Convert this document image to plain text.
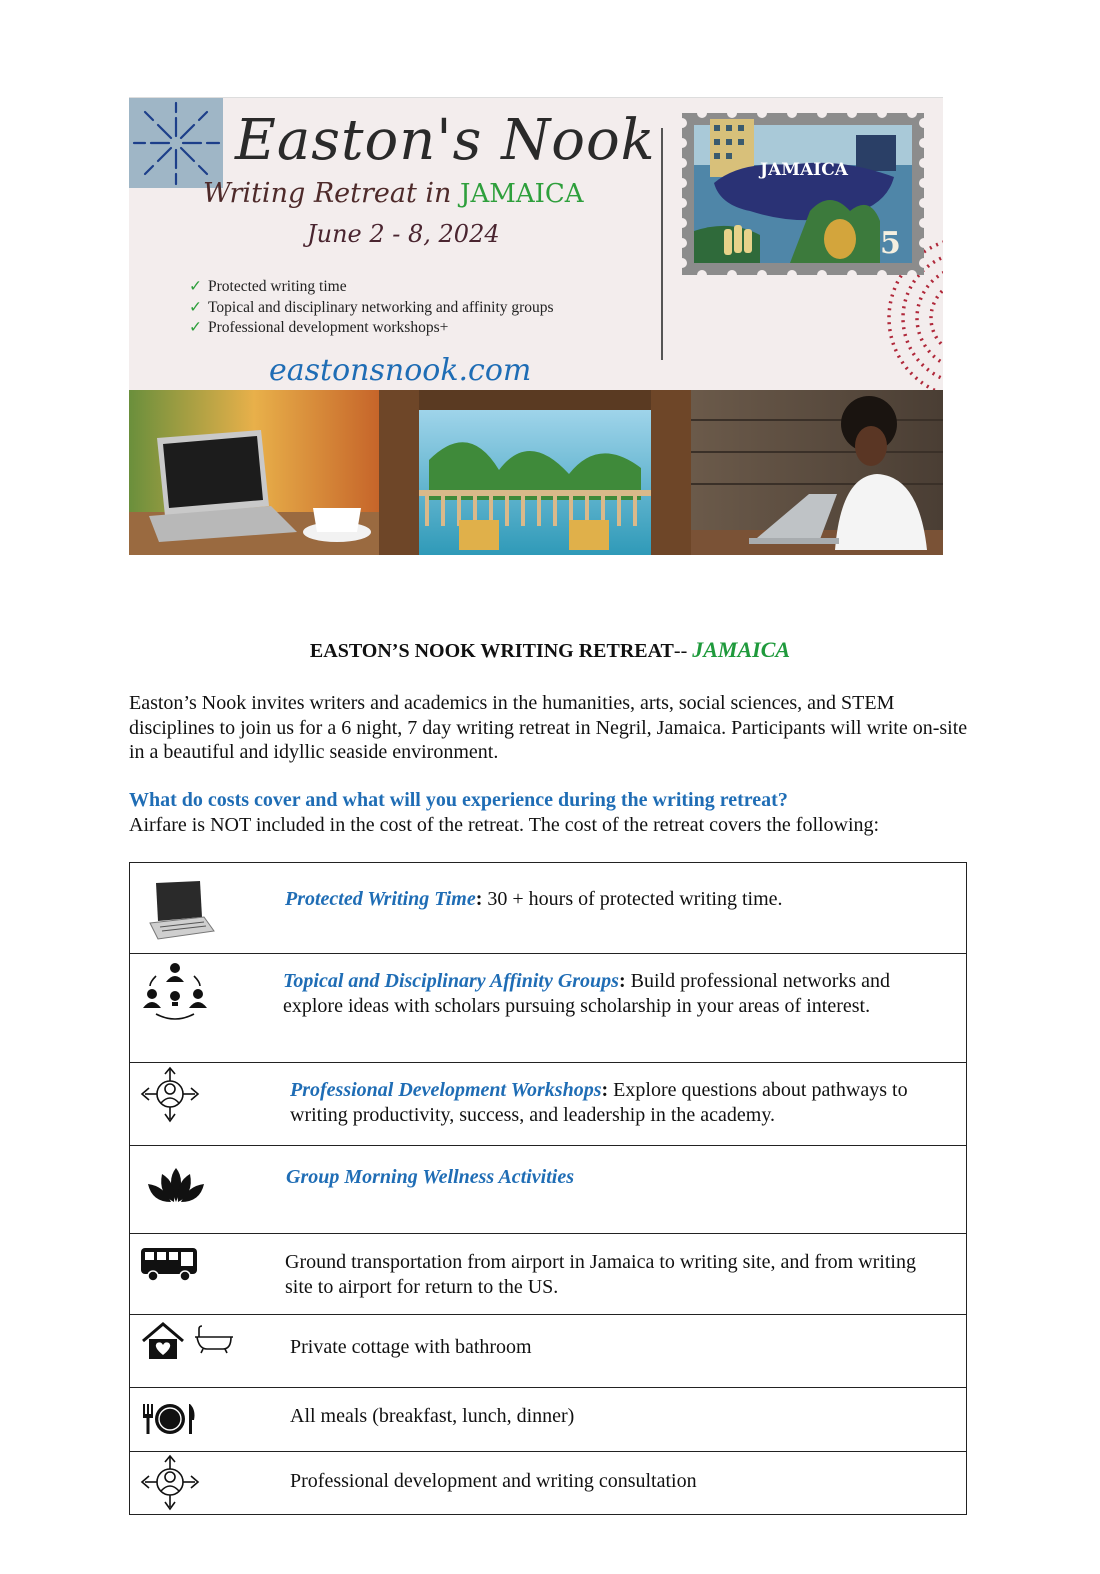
Easton's Nook
Writing Retreat in JAMAICA
June 2 - 8, 2024
✓ Protected writing time
✓ Topical and disciplinary networking and affinity groups
✓ Professional development workshops+
eastonsnook.com
JAMAICA
5
EASTON’S NOOK WRITING RETREAT-- JAMAICA
Easton’s Nook invites writers and academics in the humanities, arts, social sciences, and STEM disciplines to join us for a 6 night, 7 day writing retreat in Negril, Jamaica. Participants will write on-site in a beautiful and idyllic seaside environment.
What do costs cover and what will you experience during the writing retreat?
Airfare is NOT included in the cost of the retreat. The cost of the retreat covers the following:
Protected Writing Time: 30 + hours of protected writing time.
Topical and Disciplinary Affinity Groups: Build professional networks and explore ideas with scholars pursuing scholarship in your areas of interest.
Professional Development Workshops: Explore questions about pathways to writing productivity, success, and leadership in the academy.
Group Morning Wellness Activities
Ground transportation from airport in Jamaica to writing site, and from writing site to airport for return to the US.
Private cottage with bathroom
All meals (breakfast, lunch, dinner)
Professional development and writing consultation
